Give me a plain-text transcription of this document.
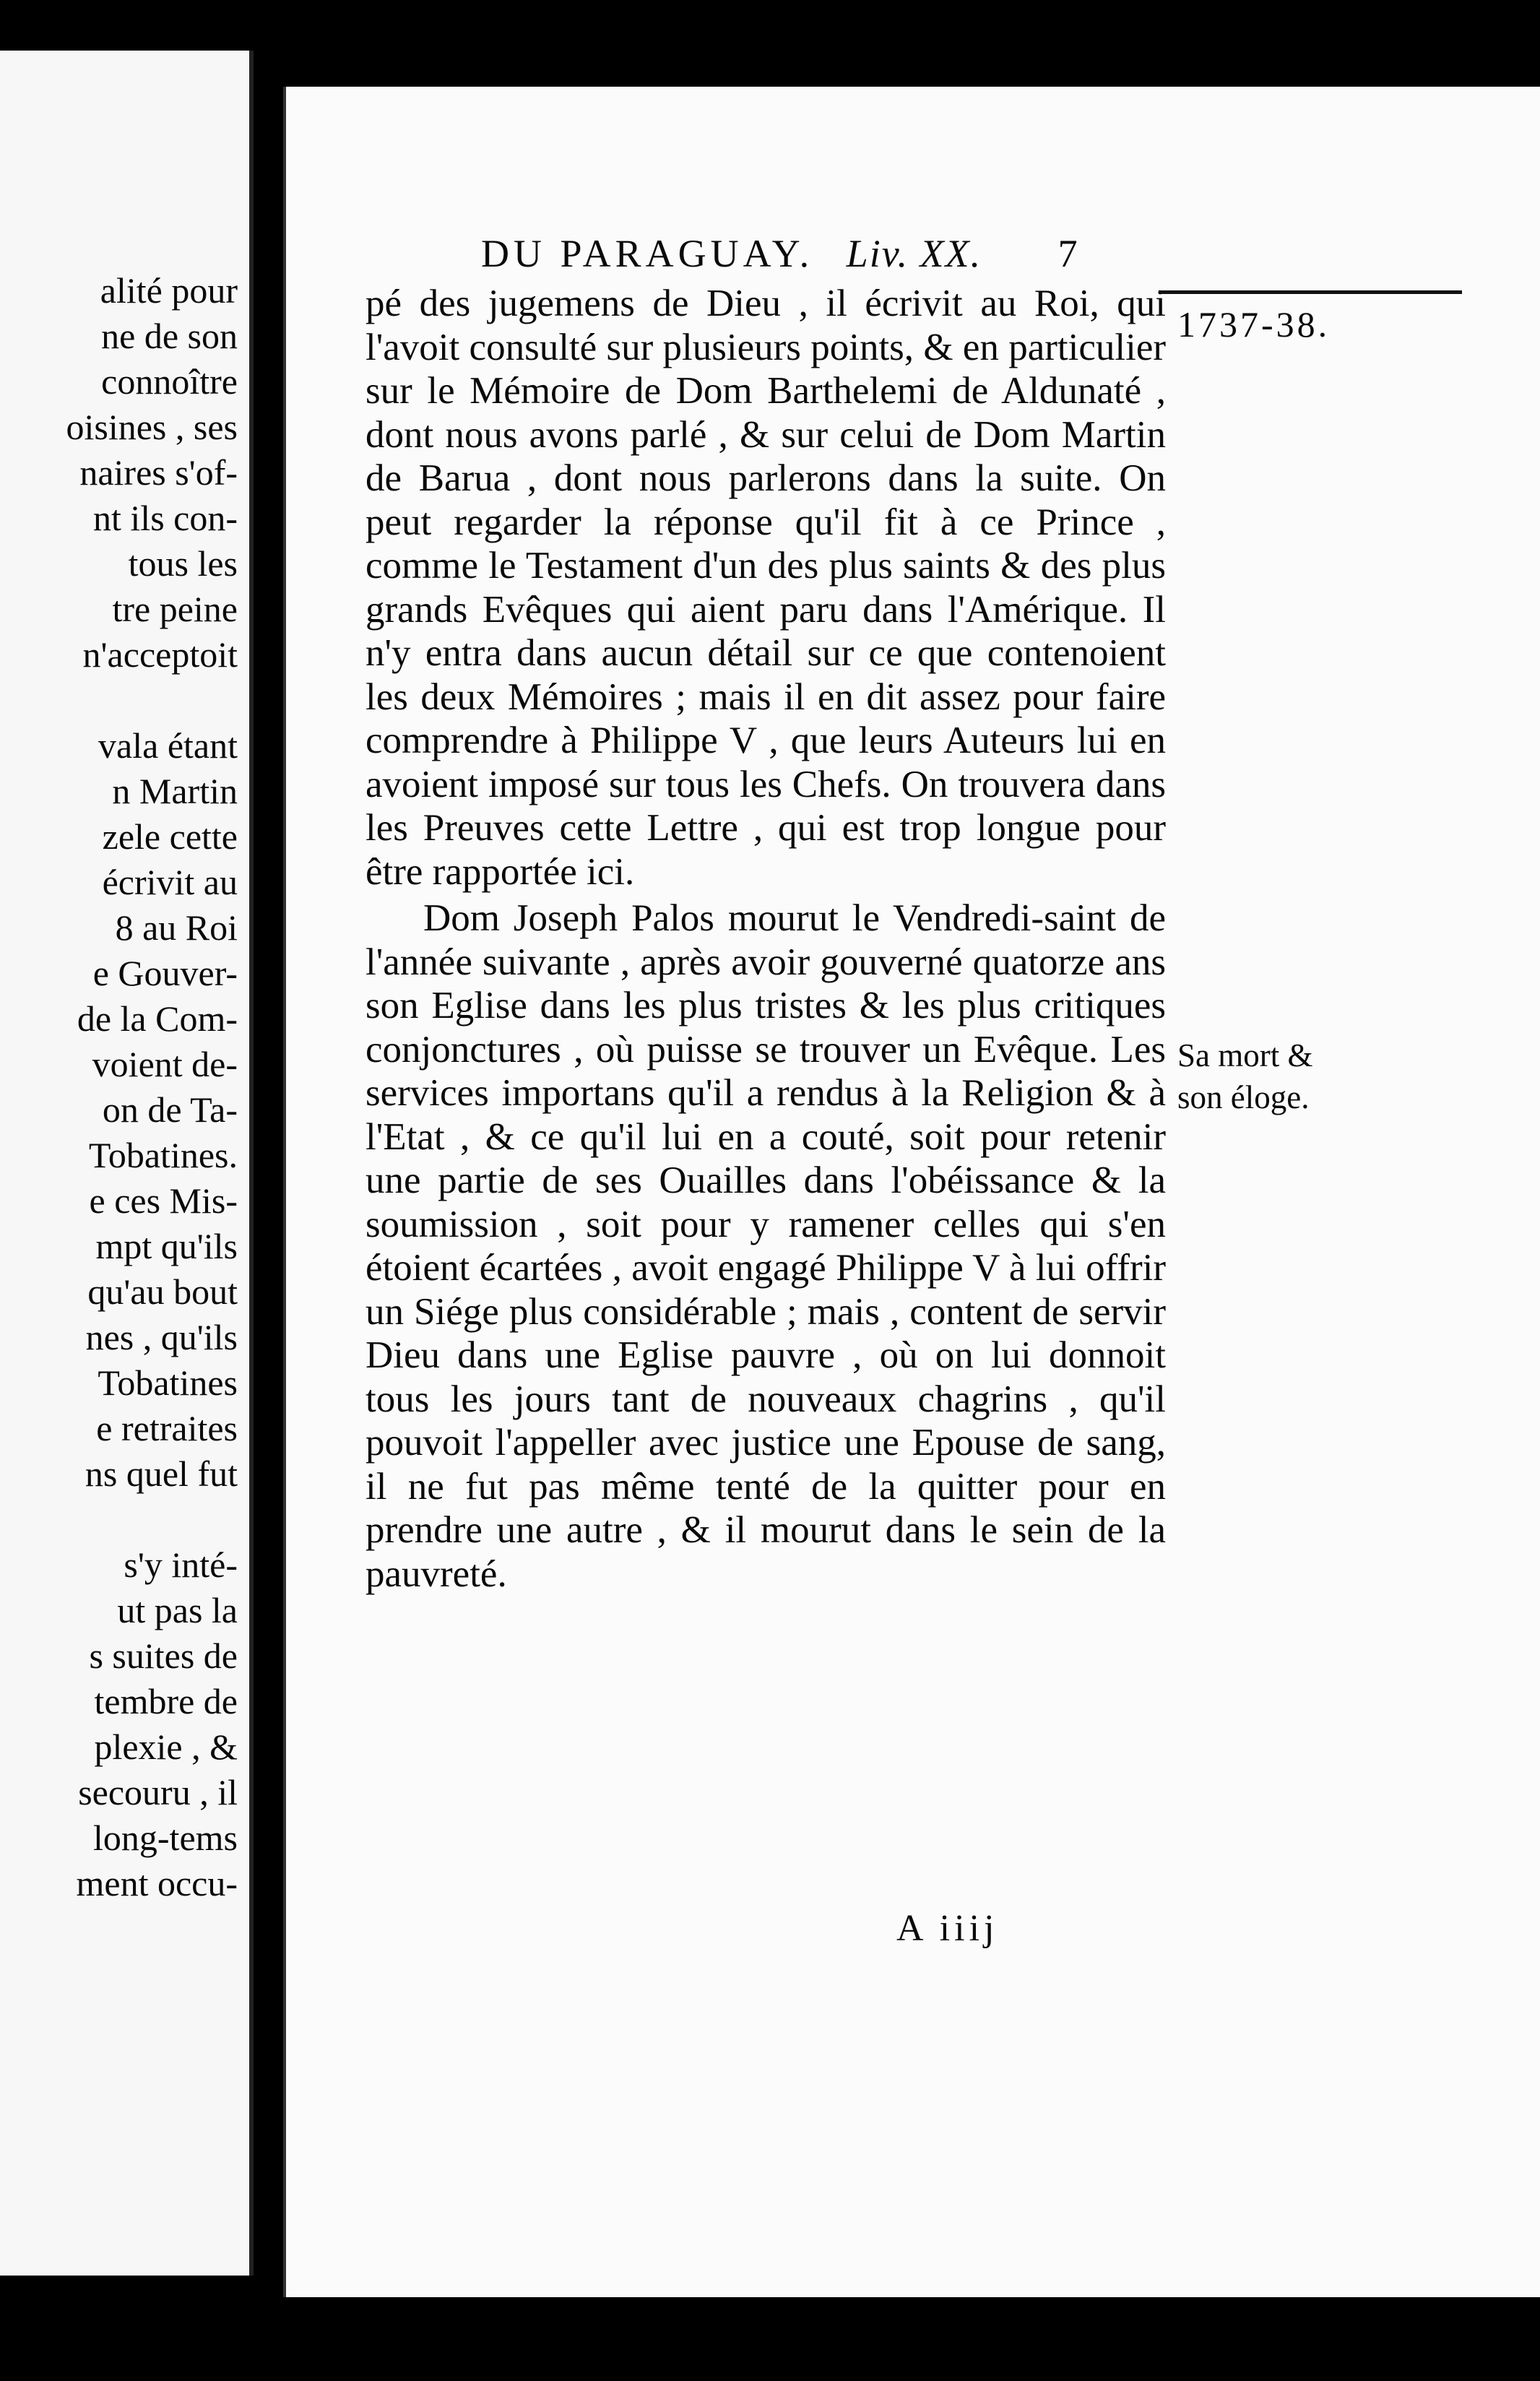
alité pour
ne de son
connoître
oisines , ses
naires s'of-
nt ils con-
tous les
tre peine
n'acceptoit
vala étant
n Martin
zele cette
écrivit au
8 au Roi
e Gouver-
de la Com-
voient de-
on de Ta-
Tobatines.
e ces Mis-
mpt qu'ils
qu'au bout
nes , qu'ils
Tobatines
e retraites
ns quel fut
s'y inté-
ut pas la
s suites de
tembre de
plexie , &
secouru , il
long-tems
ment occu-
DU PARAGUAY. Liv. XX. 7
1737-38.
Sa mort &
son éloge.

pé des jugemens de Dieu , il écrivit au Roi, qui l'avoit consulté sur plusieurs points, & en particulier sur le Mémoire de Dom Barthelemi de Aldunaté , dont nous avons parlé , & sur celui de Dom Martin de Barua , dont nous parlerons dans la suite. On peut regarder la réponse qu'il fit à ce Prince , comme le Testament d'un des plus saints & des plus grands Evêques qui aient paru dans l'Amérique. Il n'y entra dans aucun détail sur ce que contenoient les deux Mémoires ; mais il en dit assez pour faire comprendre à Philippe V , que leurs Auteurs lui en avoient imposé sur tous les Chefs. On trouvera dans les Preuves cette Lettre , qui est trop longue pour être rapportée ici.

Dom Joseph Palos mourut le Vendredi-saint de l'année suivante , après avoir gouverné quatorze ans son Eglise dans les plus tristes & les plus critiques conjonctures , où puisse se trouver un Evêque. Les services importans qu'il a rendus à la Religion & à l'Etat , & ce qu'il lui en a couté, soit pour retenir une partie de ses Ouailles dans l'obéissance & la soumission , soit pour y ramener celles qui s'en étoient écartées , avoit engagé Philippe V à lui offrir un Siége plus considérable ; mais , content de servir Dieu dans une Eglise pauvre , où on lui donnoit tous les jours tant de nouveaux chagrins , qu'il pouvoit l'appeller avec justice une Epouse de sang, il ne fut pas même tenté de la quitter pour en prendre une autre , & il mourut dans le sein de la pauvreté.

A iiij
